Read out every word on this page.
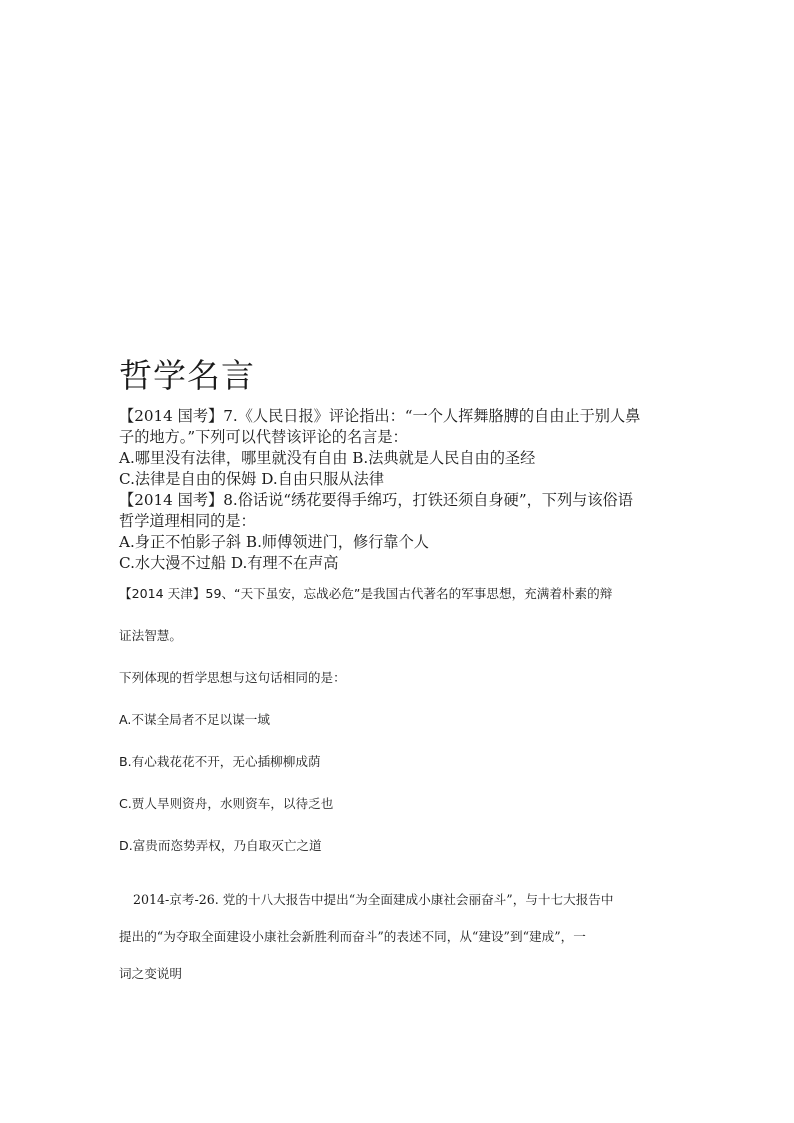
哲学名言
【2014 国考】7.《人民日报》评论指出：“一个人挥舞胳膊的自由止于别人鼻
子的地方。”下列可以代替该评论的名言是：
A.哪里没有法律，哪里就没有自由 B.法典就是人民自由的圣经
C.法律是自由的保姆 D.自由只服从法律
【2014 国考】8.俗话说“绣花要得手绵巧，打铁还须自身硬”，下列与该俗语
哲学道理相同的是：
A.身正不怕影子斜 B.师傅领进门，修行靠个人
C.水大漫不过船 D.有理不在声高
【2014 天津】59、“天下虽安，忘战必危”是我国古代著名的军事思想，充满着朴素的辩
证法智慧。
下列体现的哲学思想与这句话相同的是：
A.不谋全局者不足以谋一域
B.有心栽花花不开，无心插柳柳成荫
C.贾人旱则资舟，水则资车，以待乏也
D.富贵而恣势弄权，乃自取灭亡之道
2014-京考-26. 党的十八大报告中提出“为全面建成小康社会丽奋斗”，与十七大报告中
提出的“为夺取全面建设小康社会新胜利而奋斗”的表述不同，从“建设”到“建成”，一
词之变说明
